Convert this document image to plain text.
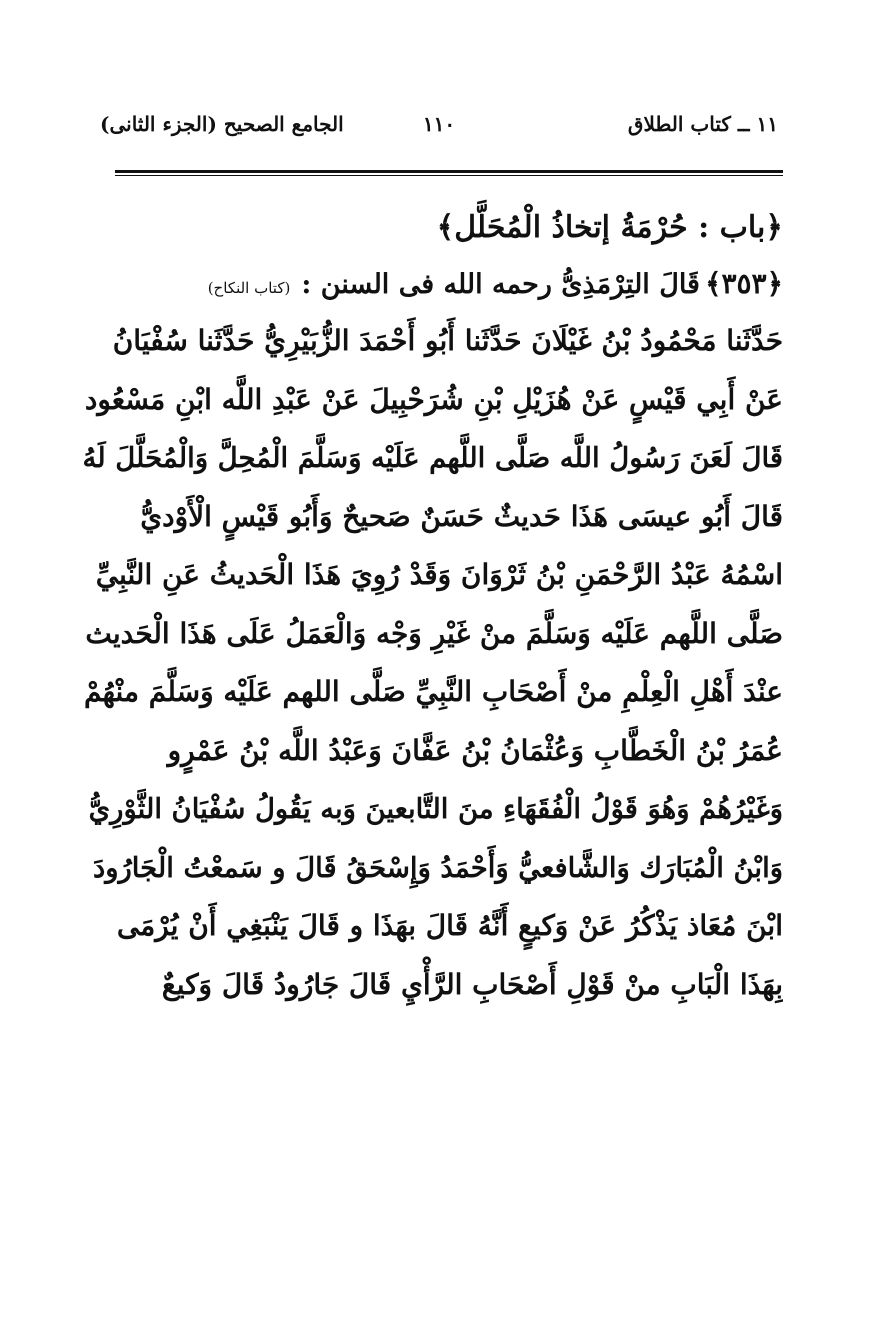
١١ ــ كتاب الطلاق
١١٠
الجامع الصحيح (الجزء الثانى)
﴿باب : حُرْمَةُ إتخاذُ الْمُحَلَّل﴾
﴿٣٥٣﴾ قَالَ التِرْمَذِىُّ رحمه الله فى السنن : (كتاب النكاح)
حَدَّثَنا مَحْمُودُ بْنُ غَيْلَانَ حَدَّثَنا أَبُو أَحْمَدَ الزُّبَيْرِيُّ حَدَّثَنا سُفْيَانُ
عَنْ أَبِي قَيْسٍ عَنْ هُزَيْلِ بْنِ شُرَحْبِيلَ عَنْ عَبْدِ اللَّه ابْنِ مَسْعُود
قَالَ لَعَنَ رَسُولُ اللَّه صَلَّى اللَّهم عَلَيْه وَسَلَّمَ الْمُحِلَّ وَالْمُحَلَّلَ لَهُ
قَالَ أَبُو عيسَى هَذَا حَديثٌ حَسَنٌ صَحيحٌ وَأَبُو قَيْسٍ الْأَوْديُّ
اسْمُهُ عَبْدُ الرَّحْمَنِ بْنُ ثَرْوَانَ وَقَدْ رُوِيَ هَذَا الْحَديثُ عَنِ النَّبِيِّ
صَلَّى اللَّهم عَلَيْه وَسَلَّمَ منْ غَيْرِ وَجْه وَالْعَمَلُ عَلَى هَذَا الْحَديث
عنْدَ أَهْلِ الْعِلْمِ منْ أَصْحَابِ النَّبِيِّ صَلَّى اللهم عَلَيْه وَسَلَّمَ منْهُمْ
عُمَرُ بْنُ الْخَطَّابِ وَعُثْمَانُ بْنُ عَفَّانَ وَعَبْدُ اللَّه بْنُ عَمْرٍو
وَغَيْرُهُمْ وَهُوَ قَوْلُ الْفُقَهَاءِ منَ التَّابعينَ وَبه يَقُولُ سُفْيَانُ الثَّوْرِيُّ
وَابْنُ الْمُبَارَك وَالشَّافعيُّ وَأَحْمَدُ وَإِسْحَقُ قَالَ و سَمعْتُ الْجَارُودَ
ابْنَ مُعَاذ يَذْكُرُ عَنْ وَكيعٍ أَنَّهُ قَالَ بهَذَا و قَالَ يَنْبَغِي أَنْ يُرْمَى
بِهَذَا الْبَابِ منْ قَوْلِ أَصْحَابِ الرَّأْيِ قَالَ جَارُودُ قَالَ وَكيعٌ
